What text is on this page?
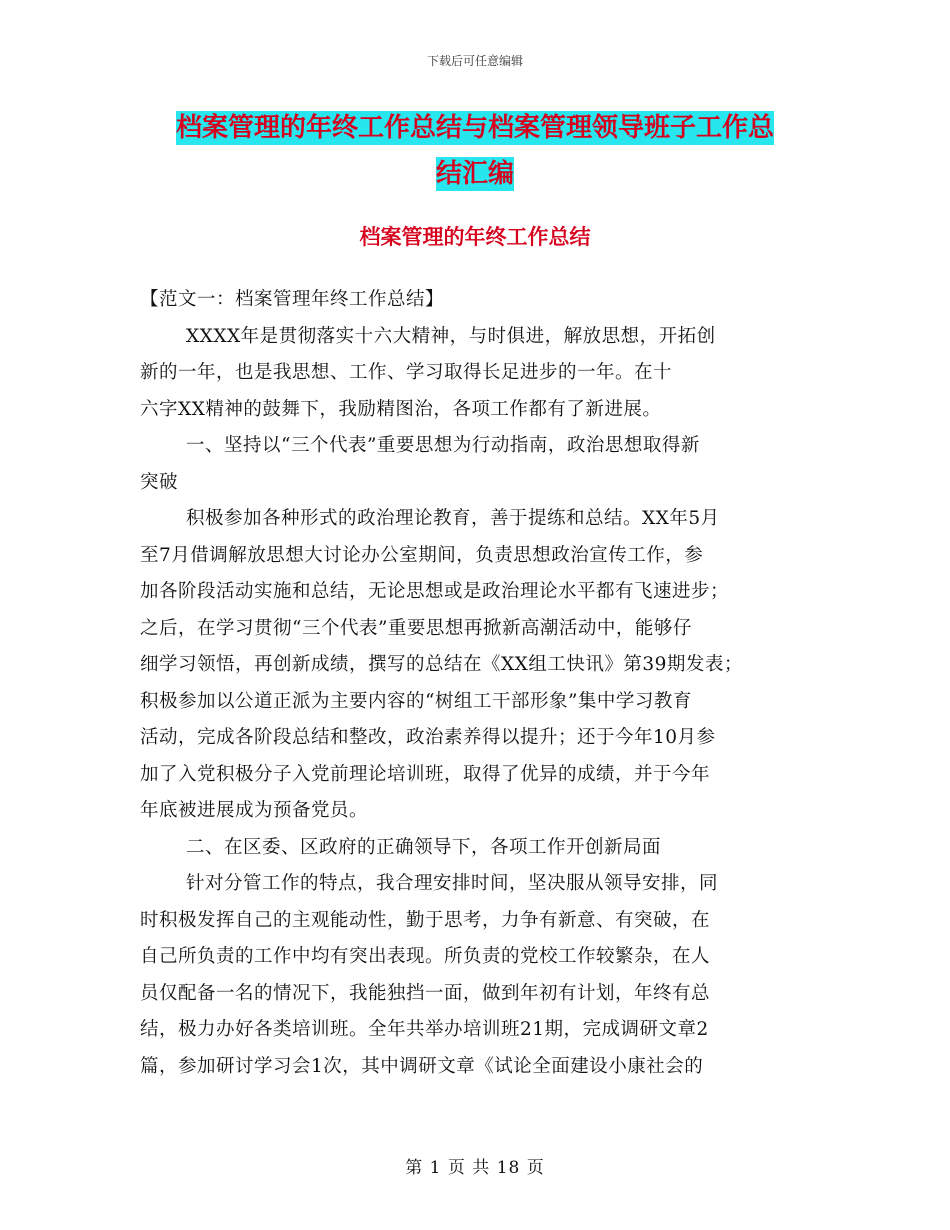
下载后可任意编辑
档案管理的年终工作总结与档案管理领导班子工作总
结汇编
档案管理的年终工作总结
【范文一：档案管理年终工作总结】
XXXX年是贯彻落实十六大精神，与时俱进，解放思想，开拓创
新的一年，也是我思想、工作、学习取得长足进步的一年。在十
六字XX精神的鼓舞下，我励精图治，各项工作都有了新进展。
一、坚持以“三个代表”重要思想为行动指南，政治思想取得新
突破
积极参加各种形式的政治理论教育，善于提练和总结。XX年5月
至7月借调解放思想大讨论办公室期间，负责思想政治宣传工作，参
加各阶段活动实施和总结，无论思想或是政治理论水平都有飞速进步；
之后，在学习贯彻“三个代表”重要思想再掀新高潮活动中，能够仔
细学习领悟，再创新成绩，撰写的总结在《XX组工快讯》第39期发表；
积极参加以公道正派为主要内容的“树组工干部形象”集中学习教育
活动，完成各阶段总结和整改，政治素养得以提升；还于今年10月参
加了入党积极分子入党前理论培训班，取得了优异的成绩，并于今年
年底被进展成为预备党员。
二、在区委、区政府的正确领导下，各项工作开创新局面
针对分管工作的特点，我合理安排时间，坚决服从领导安排，同
时积极发挥自己的主观能动性，勤于思考，力争有新意、有突破，在
自己所负责的工作中均有突出表现。所负责的党校工作较繁杂，在人
员仅配备一名的情况下，我能独挡一面，做到年初有计划，年终有总
结，极力办好各类培训班。全年共举办培训班21期，完成调研文章2
篇，参加研讨学习会1次，其中调研文章《试论全面建设小康社会的
第 1 页 共 18 页
